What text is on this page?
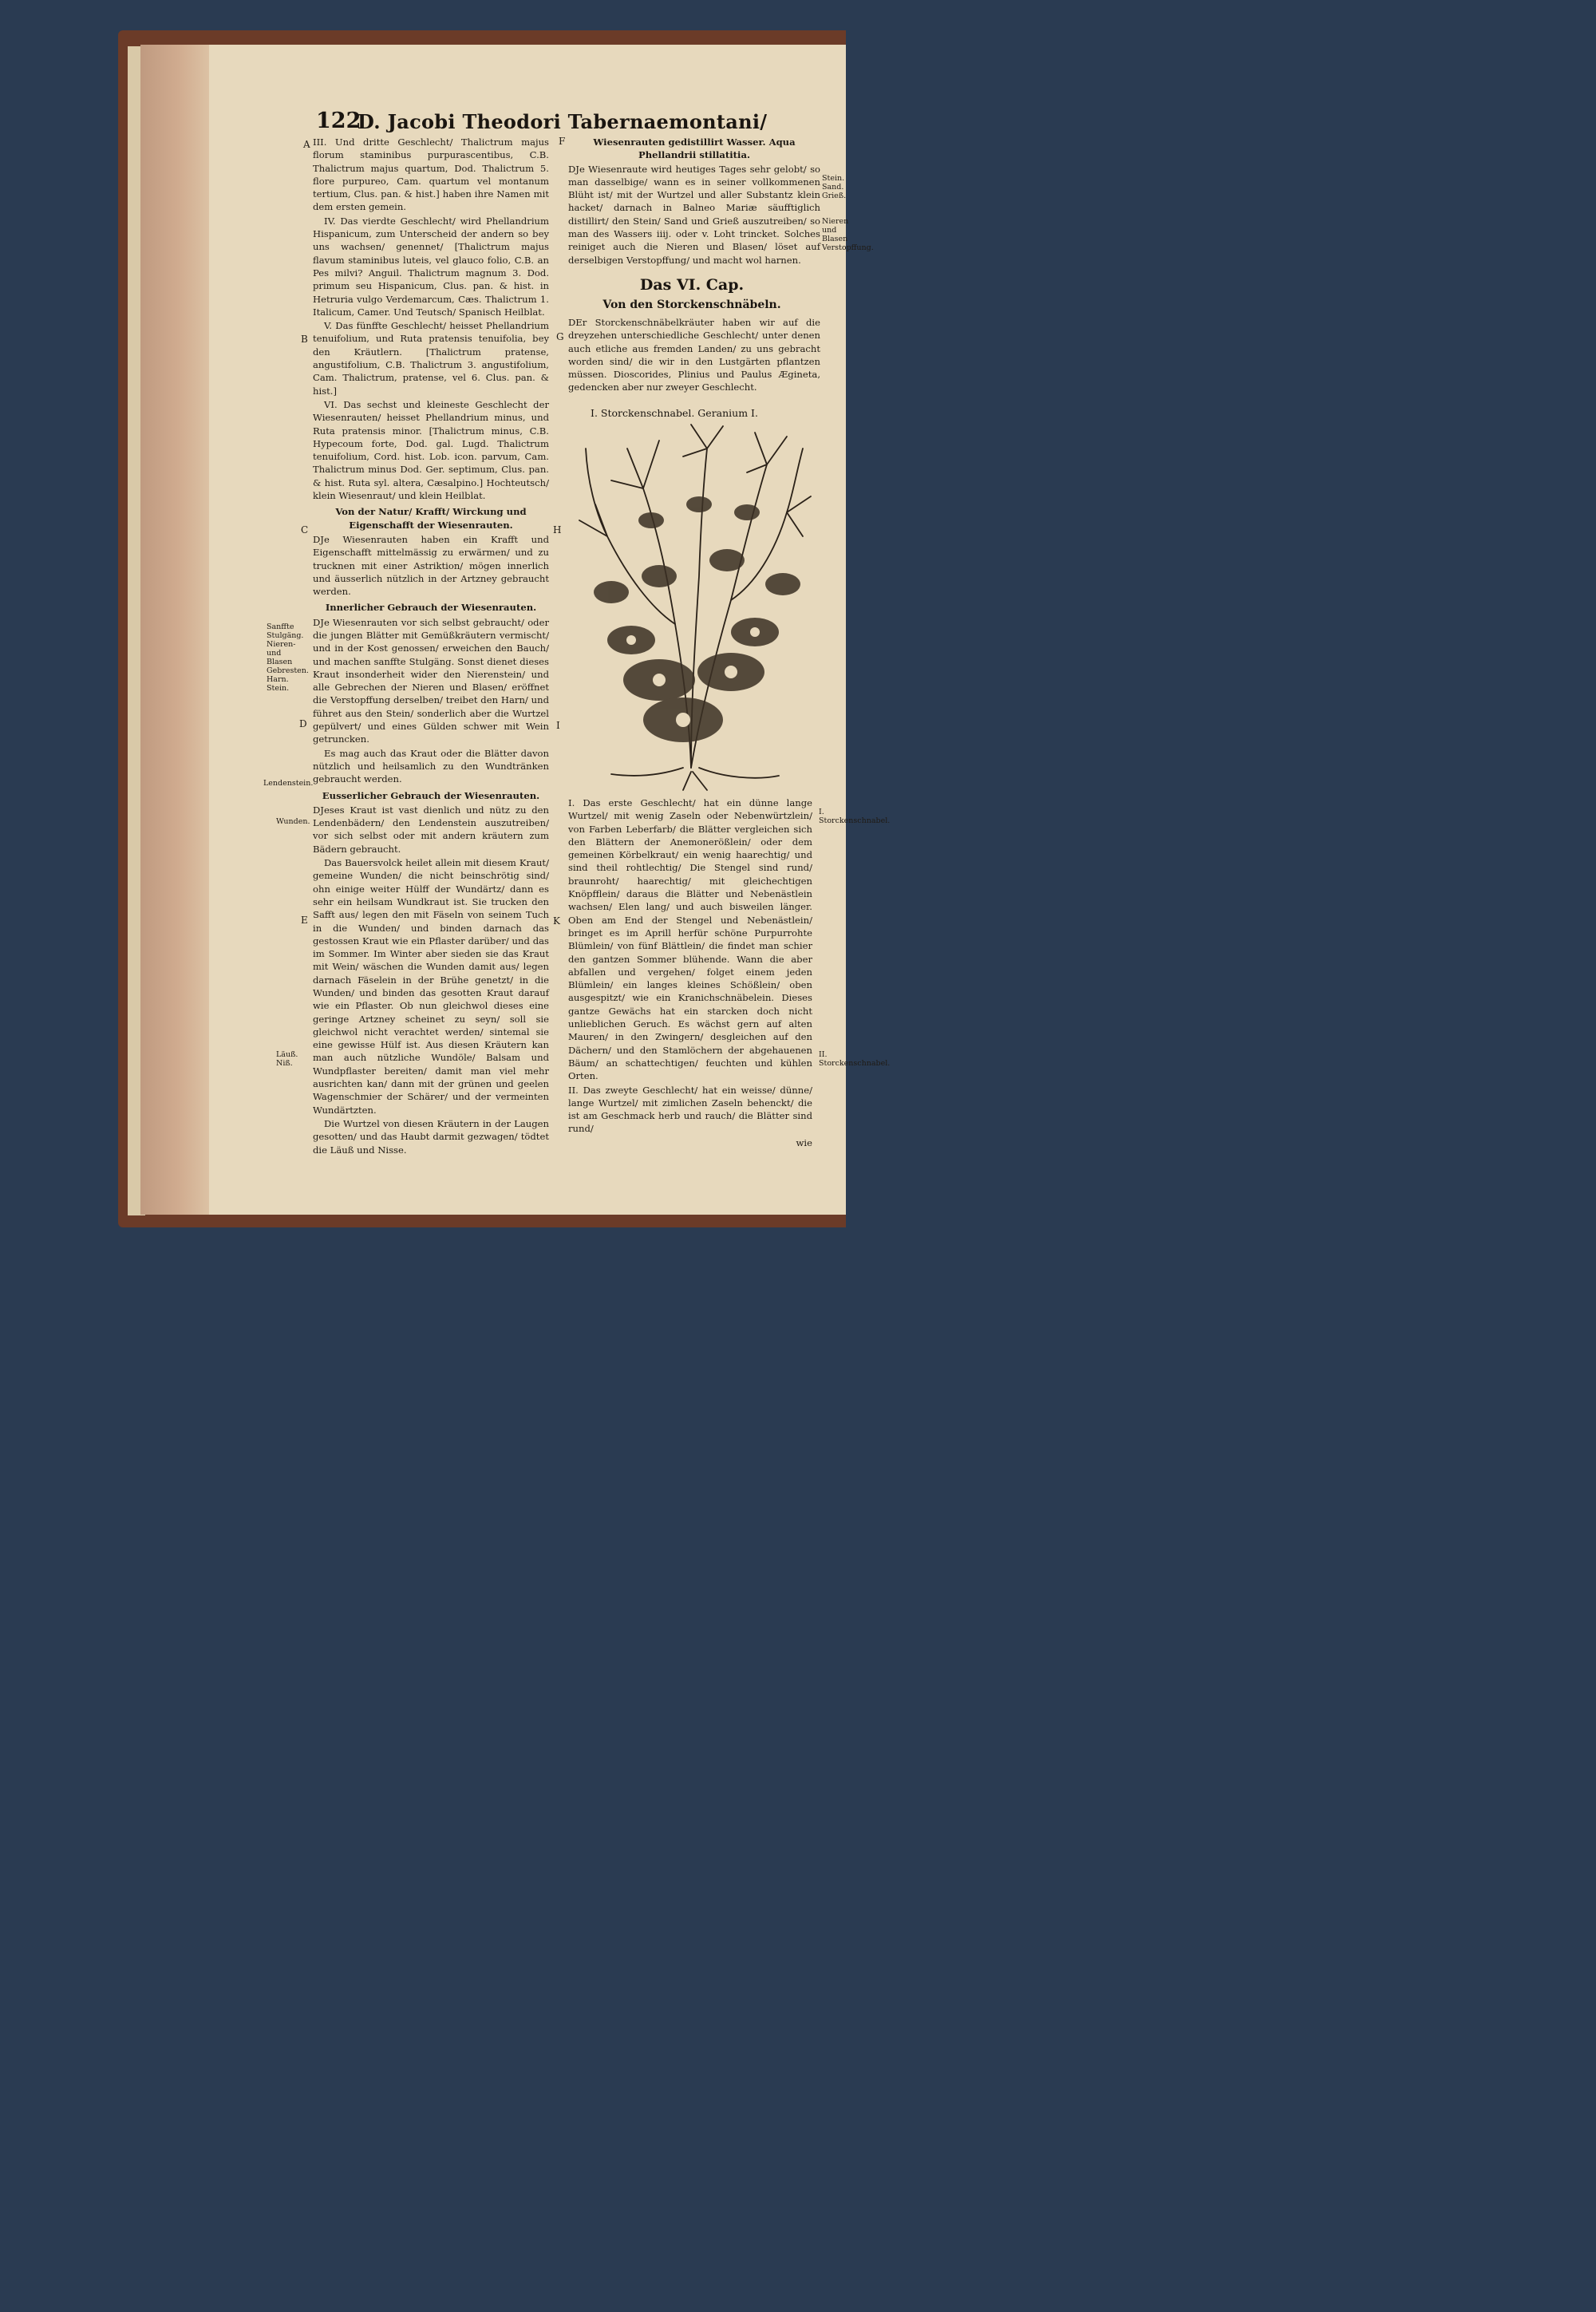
122
D. Jacobi Theodori Tabernaemontani/

III. Und dritte Geschlecht/ Thalictrum majus florum staminibus purpurascentibus, C.B. Thalictrum majus quartum, Dod. Thalictrum 5. flore purpureo, Cam. quartum vel montanum tertium, Clus. pan. & hist.] haben ihre Namen mit dem ersten gemein.

IV. Das vierdte Geschlecht/ wird Phellandrium Hispanicum, zum Unterscheid der andern so bey uns wachsen/ genennet/ [Thalictrum majus flavum staminibus luteis, vel glauco folio, C.B. an Pes milvi? Anguil. Thalictrum magnum 3. Dod. primum seu Hispanicum, Clus. pan. & hist. in Hetruria vulgo Verdemarcum, Cæs. Thalictrum 1. Italicum, Camer. Und Teutsch/ Spanisch Heilblat.

V. Das fünffte Geschlecht/ heisset Phellandrium tenuifolium, und Ruta pratensis tenuifolia, bey den Kräutlern. [Thalictrum pratense, angustifolium, C.B. Thalictrum 3. angustifolium, Cam. Thalictrum, pratense, vel 6. Clus. pan. & hist.]

VI. Das sechst und kleineste Geschlecht der Wiesenrauten/ heisset Phellandrium minus, und Ruta pratensis minor. [Thalictrum minus, C.B. Hypecoum forte, Dod. gal. Lugd. Thalictrum tenuifolium, Cord. hist. Lob. icon. parvum, Cam. Thalictrum minus Dod. Ger. septimum, Clus. pan. & hist. Ruta syl. altera, Cæsalpino.] Hochteutsch/ klein Wiesenraut/ und klein Heilblat.

Von der Natur/ Krafft/ Wirckung und Eigenschafft der Wiesenrauten.

DJe Wiesenrauten haben ein Krafft und Eigenschafft mittelmässig zu erwärmen/ und zu trucknen mit einer Astriktion/ mögen innerlich und äusserlich nützlich in der Artzney gebraucht werden.

Innerlicher Gebrauch der Wiesenrauten.

DJe Wiesenrauten vor sich selbst gebraucht/ oder die jungen Blätter mit Gemüßkräutern vermischt/ und in der Kost genossen/ erweichen den Bauch/ und machen sanffte Stulgäng. Sonst dienet dieses Kraut insonderheit wider den Nierenstein/ und alle Gebrechen der Nieren und Blasen/ eröffnet die Verstopffung derselben/ treibet den Harn/ und führet aus den Stein/ sonderlich aber die Wurtzel gepülvert/ und eines Gülden schwer mit Wein getruncken.

Es mag auch das Kraut oder die Blätter davon nützlich und heilsamlich zu den Wundtränken gebraucht werden.

Eusserlicher Gebrauch der Wiesenrauten.

DJeses Kraut ist vast dienlich und nütz zu den Lendenbädern/ den Lendenstein auszutreiben/ vor sich selbst oder mit andern kräutern zum Bädern gebraucht.

Das Bauersvolck heilet allein mit diesem Kraut/ gemeine Wunden/ die nicht beinschrötig sind/ ohn einige weiter Hülff der Wundärtz/ dann es sehr ein heilsam Wundkraut ist. Sie trucken den Safft aus/ legen den mit Fäseln von seinem Tuch in die Wunden/ und binden darnach das gestossen Kraut wie ein Pflaster darüber/ und das im Sommer. Im Winter aber sieden sie das Kraut mit Wein/ wäschen die Wunden damit aus/ legen darnach Fäselein in der Brühe genetzt/ in die Wunden/ und binden das gesotten Kraut darauf wie ein Pflaster. Ob nun gleichwol dieses eine geringe Artzney scheinet zu seyn/ soll sie gleichwol nicht verachtet werden/ sintemal sie eine gewisse Hülf ist. Aus diesen Kräutern kan man auch nützliche Wundöle/ Balsam und Wundpflaster bereiten/ damit man viel mehr ausrichten kan/ dann mit der grünen und geelen Wagenschmier der Schärer/ und der vermeinten Wundärtzten.

Die Wurtzel von diesen Kräutern in der Laugen gesotten/ und das Haubt darmit gezwagen/ tödtet die Läuß und Nisse.

Wiesenrauten gedistillirt Wasser. Aqua Phellandrii stillatitia.

DJe Wiesenraute wird heutiges Tages sehr gelobt/ so man dasselbige/ wann es in seiner vollkommenen Blüht ist/ mit der Wurtzel und aller Substantz klein hacket/ darnach in Balneo Mariæ säufftiglich distillirt/ den Stein/ Sand und Grieß auszutreiben/ so man des Wassers iiij. oder v. Loht trincket. Solches reiniget auch die Nieren und Blasen/ löset auf derselbigen Verstopffung/ und macht wol harnen.

Das VI. Cap.
Von den Storckenschnäbeln.

DEr Storckenschnäbelkräuter haben wir auf die dreyzehen unterschiedliche Geschlecht/ unter denen auch etliche aus fremden Landen/ zu uns gebracht worden sind/ die wir in den Lustgärten pflantzen müssen. Dioscorides, Plinius und Paulus Ægineta, gedencken aber nur zweyer Geschlecht.

I. Storckenschnabel. Geranium I.

I. Das erste Geschlecht/ hat ein dünne lange Wurtzel/ mit wenig Zaseln oder Nebenwürtzlein/ von Farben Leberfarb/ die Blätter vergleichen sich den Blättern der Anemonerößlein/ oder dem gemeinen Körbelkraut/ ein wenig haarechtig/ und sind theil rohtlechtig/ Die Stengel sind rund/ braunroht/ haarechtig/ mit gleichechtigen Knöpfflein/ daraus die Blätter und Nebenästlein wachsen/ Elen lang/ und auch bisweilen länger. Oben am End der Stengel und Nebenästlein/ bringet es im Aprill herfür schöne Purpurrohte Blümlein/ von fünf Blättlein/ die findet man schier den gantzen Sommer blühende. Wann die aber abfallen und vergehen/ folget einem jeden Blümlein/ ein langes kleines Schößlein/ oben ausgespitzt/ wie ein Kranichschnäbelein. Dieses gantze Gewächs hat ein starcken doch nicht unlieblichen Geruch. Es wächst gern auf alten Mauren/ in den Zwingern/ desgleichen auf den Dächern/ und den Stamlöchern der abgehauenen Bäum/ an schattechtigen/ feuchten und kühlen Orten.

II. Das zweyte Geschlecht/ hat ein weisse/ dünne/ lange Wurtzel/ mit zimlichen Zaseln behenckt/ die ist am Geschmack herb und rauch/ die Blätter sind rund/

wie

A
B
C
D
E
F
G
H
I
K
Stein. Sand. Grieß.
Nieren und Blasen Verstopffung.
Sanffte Stulgäng. Nieren- und Blasen Gebresten. Harn. Stein.
Lendenstein.
Wunden.
Läuß. Niß.
I. Storckenschnabel.
II. Storckenschnabel.
